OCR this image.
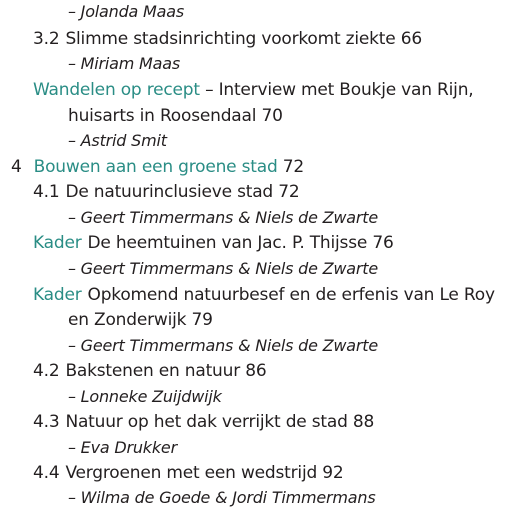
– Jolanda Maas
3.2 Slimme stadsinrichting voorkomt ziekte 66
– Miriam Maas
Wandelen op recept – Interview met Boukje van Rijn,
huisarts in Roosendaal 70
– Astrid Smit
4 Bouwen aan een groene stad 72
4.1 De natuurinclusieve stad 72
– Geert Timmermans & Niels de Zwarte
Kader De heemtuinen van Jac. P. Thijsse 76
– Geert Timmermans & Niels de Zwarte
Kader Opkomend natuurbesef en de erfenis van Le Roy
en Zonderwijk 79
– Geert Timmermans & Niels de Zwarte
4.2 Bakstenen en natuur 86
– Lonneke Zuijdwijk
4.3 Natuur op het dak verrijkt de stad 88
– Eva Drukker
4.4 Vergroenen met een wedstrijd 92
– Wilma de Goede & Jordi Timmermans
